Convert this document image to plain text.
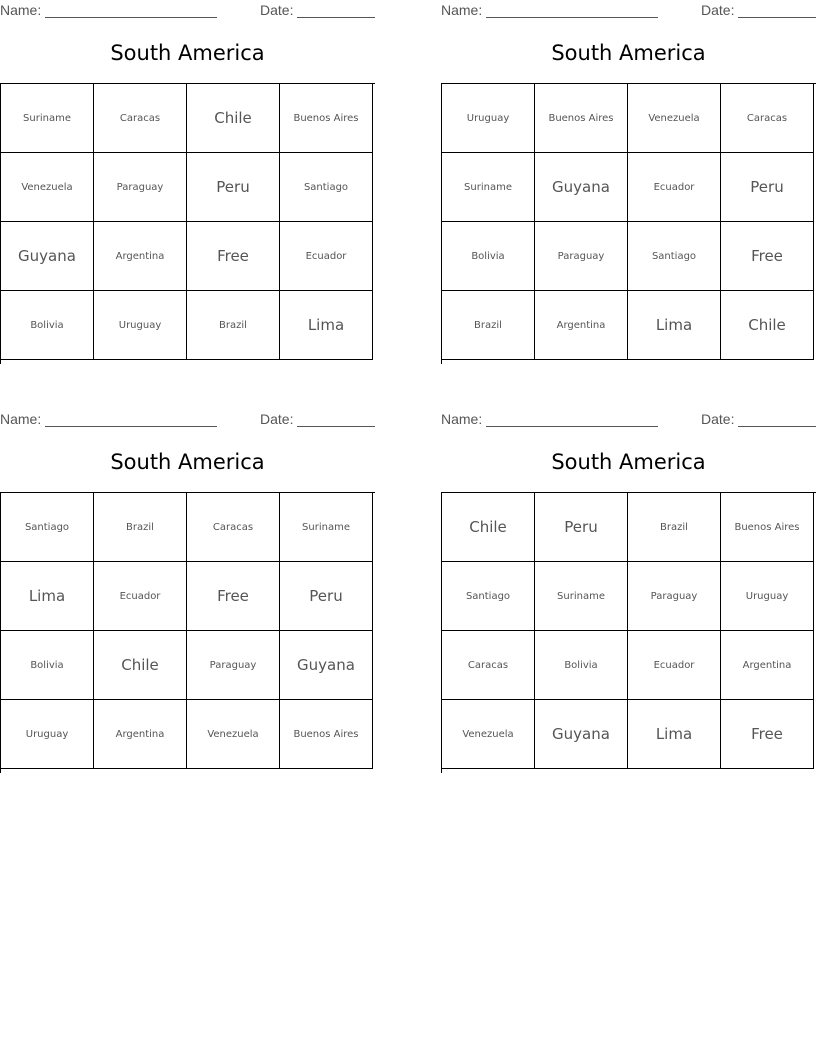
Name:	Date:
South America
Suriname	Caracas	Chile	Buenos Aires
Venezuela	Paraguay	Peru	Santiago
Guyana	Argentina	Free	Ecuador
Bolivia	Uruguay	Brazil	Lima
Name:	Date:
South America
Uruguay	Buenos Aires	Venezuela	Caracas
Suriname	Guyana	Ecuador	Peru
Bolivia	Paraguay	Santiago	Free
Brazil	Argentina	Lima	Chile
Name:	Date:
South America
Santiago	Brazil	Caracas	Suriname
Lima	Ecuador	Free	Peru
Bolivia	Chile	Paraguay	Guyana
Uruguay	Argentina	Venezuela	Buenos Aires
Name:	Date:
South America
Chile	Peru	Brazil	Buenos Aires
Santiago	Suriname	Paraguay	Uruguay
Caracas	Bolivia	Ecuador	Argentina
Venezuela	Guyana	Lima	Free
